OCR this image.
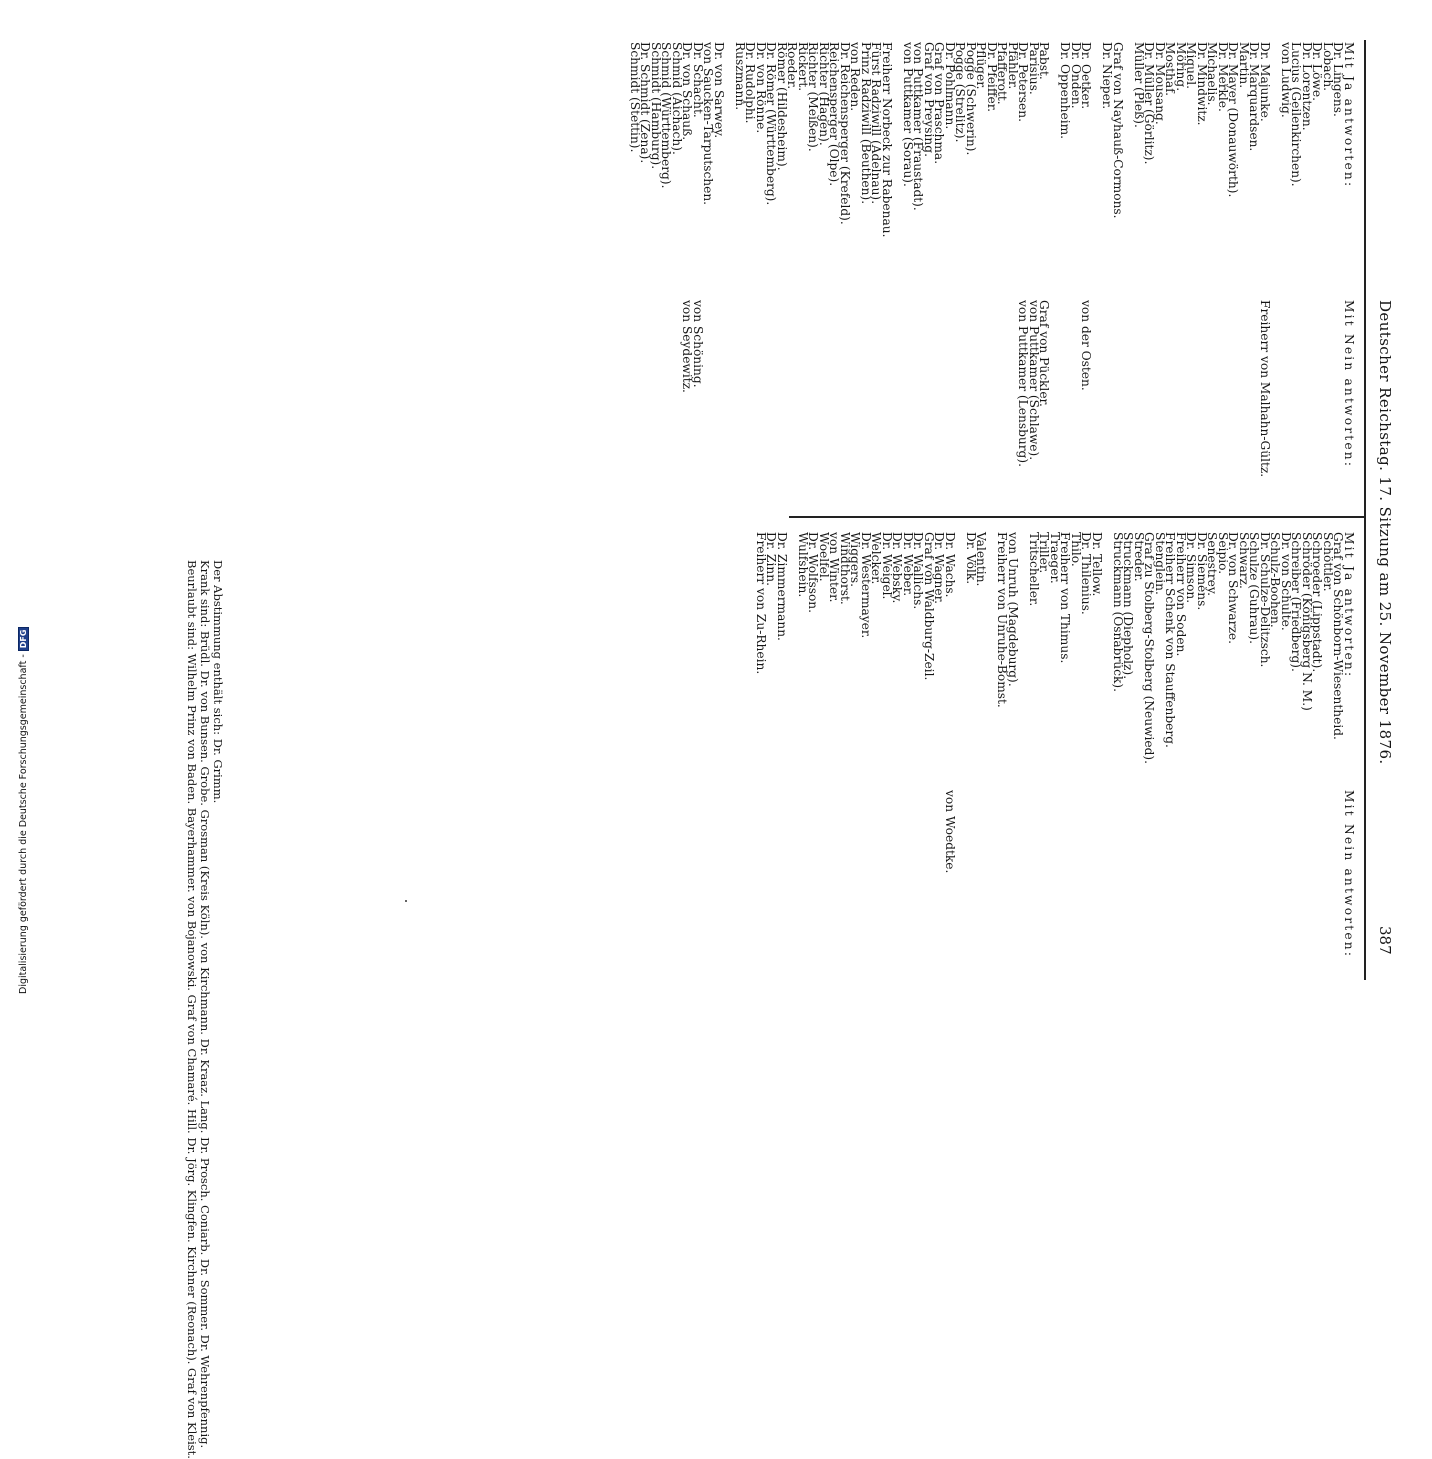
Deutscher Reichstag. 17. Sitzung am 25. November 1876.
387
Mit Ja antworten:
Dr. Lingens.
Lobach.
Dr. Löwe.
Dr. Lorentzen.
Lucius (Geilenkirchen).
von Ludwig.

Dr. Majunke.
Dr. Marquardsen.
Martin.
Dr. Mayer (Donauwörth).
Dr. Merkle.
Michaelis.
Dr. Mindwitz.
Miquel.
Möring.
Mosthaf.
Dr. Mousang.
Dr. Müller (Görlitz).
Müller (Pleß).

Graf von Nayhauß-Cormons.
Dr. Nieper.

Dr. Oetker.
Dr. Onden.
Dr. Oppenheim.

Pabst.
Parisius.
Dr. Petersen.
Pfähler.
Pfafferott.
Dr. Pfeiffer.
Pflüger.
Pogge (Schwerin).
Pogge (Strelitz).
Dr. Pohlmann.
Graf von Praschma.
Graf von Preysing.
von Puttkamer (Fraustadt).
von Puttkamer (Sorau).

Freiherr Norbeck zur Rabenau.
Fürst Radziwill (Adelnau).
Prinz Radziwill (Beuthen).
von Reden.
Dr. Reichensperger (Krefeld).
Reichensperger (Olpe).
Richter (Hagen).
Richter (Meißen).
Rickert.
Roeder.
Römer (Hildesheim).
Dr. Römer (Württemberg).
Dr. von Rönne.
Dr. Rudolphi.
Ruszmann.

Dr. von Sarwey.
von Saucken-Tarputschen.
Dr. Schacht.
Dr. von Schauß.
Schmid (Aichach).
Schmid (Württemberg).
Schmidt (Hamburg).
Dr. Schmidt (Zena).
Schmidt (Stettin).
Mit Nein antworten:

Freiherr von Malhahn-Gültz.

von der Osten.

Graf von Pückler.
von Puttkamer (Schlawe).
von Puttkamer (Lensburg).

von Schöning.
von Seydewitz.
Mit Ja antworten:
Graf von Schönborn-Wiesentheid.
Schöttler.
Schroeder (Lippstadt).
Schröder (Königsberg N. M.)
Schreiber (Friedberg).
Dr. von Schulte.
Schulz-Boohen.
Dr. Schulze-Delitzsch.
Schulze (Guhrau).
Schwarz.
Dr. von Schwarze.
Seipio.
Senestrey.
Dr. Siemens.
Dr. Simson.
Freiherr von Soden.
Freiherr Schenk von Stauffenberg.
Stenglein.
Graf zu Stolberg-Stolberg (Neuwied).
Streder.
Struckmann (Diepholz).
Struckmann (Osnabrück).

Dr. Tellow.
Dr. Thilenius.
Thilo.
Freiherr von Thimus.
Traeger.
Triller.
Tritscheller.

von Unruh (Magdeburg).
Freiherr von Unruhe-Bomst.

Valentin.
Dr. Völk.

Dr. Wachs.
Dr. Wagner.
Graf von Waldburg-Zeil.
Dr. Wallichs.
Dr. Weber.
Dr. Websky.
Dr. Weigel.
Welcker.
Dr. Westermayer.
Wiggers.
Windthorst.
von Winter.
Woelfel.
Dr. Wolfsson.
Wulfshein.

Dr. Zimmermann.
Dr. Zinn.
Freiherr von Zu-Rhein.
Mit Nein antworten:

von Woedtke.
Der Abstimmung enthält sich: Dr. Grimm.
Krank sind: Brüdl. Dr. von Bunsen. Grobe. Grosman (Kreis Köln). von Kirchmann. Dr. Kraaz. Lang. Dr. Prosch. Coniarb. Dr. Sommer. Dr. Wehrenpfennig.
Beurlaubt sind: Wilhelm Prinz von Baden. Bayerhammer. von Bojanowski. Graf von Chamaré. Hill. Dr. Jörg. Klingfen. Kirchner (Reonach). Graf von Kleist.
Digitalisierung gefördert durch die Deutsche Forschungsgemeinschaft -
DFG
